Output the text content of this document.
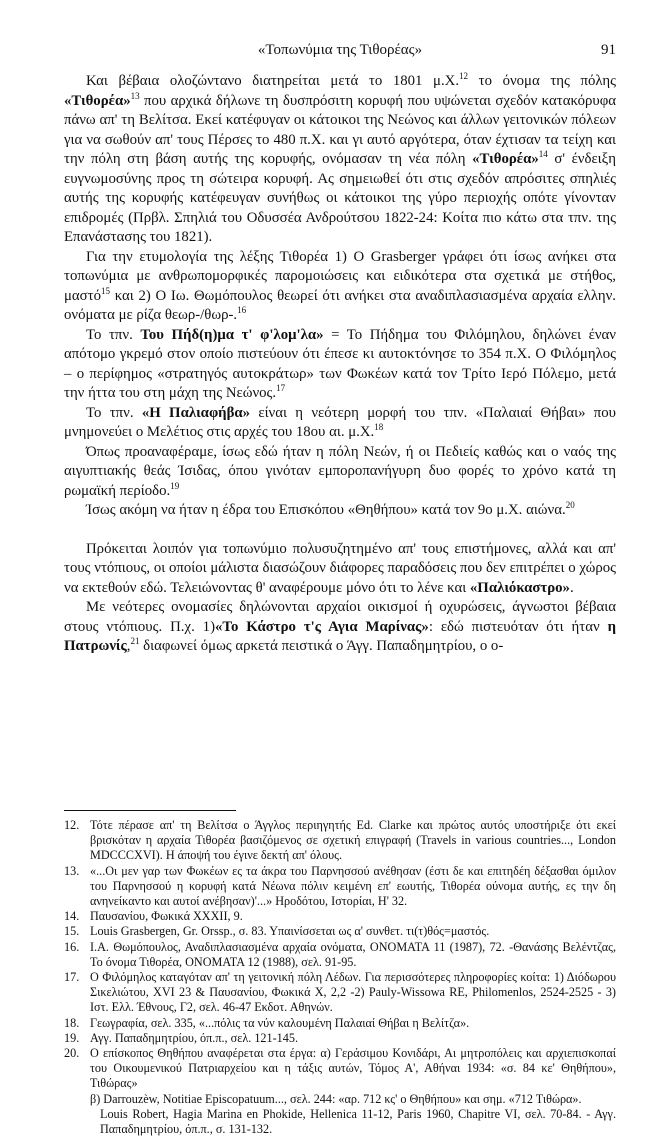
«Τοπωνύμια της Τιθορέας»	91

Και βέβαια ολοζώντανο διατηρείται μετά το 1801 μ.Χ.$^{12}$ το όνομα της πόλης «Τιθορέα»$^{13}$ που αρχικά δήλωνε τη δυσπρόσιτη κορυφή που υψώνεται σχεδόν κατακόρυφα πάνω απ' τη Βελίτσα. Εκεί κατέφυγαν οι κάτοικοι της Νεώνος και άλλων γειτονικών πόλεων για να σωθούν απ' τους Πέρσες το 480 π.Χ. και γι αυτό αργότερα, όταν έχτισαν τα τείχη και την πόλη στη βάση αυτής της κορυφής, ονόμασαν τη νέα πόλη «Τιθορέα»$^{14}$ σ' ένδειξη ευγνωμοσύνης προς τη σώτειρα κορυφή. Ας σημειωθεί ότι στις σχεδόν απρόσιτες σπηλιές αυτής της κορυφής κατέφευγαν συνήθως οι κάτοικοι της γύρο περιοχής οπότε γίνονταν επιδρομές (Πρβλ. Σπηλιά του Οδυσσέα Ανδρούτσου 1822-24: Κοίτα πιο κάτω στα τπν. της Επανάστασης του 1821).

Για την ετυμολογία της λέξης Τιθορέα 1) Ο Grasberger γράφει ότι ίσως ανήκει στα τοπωνύμια με ανθρωπομορφικές παρομοιώσεις και ειδικότερα στα σχετικά με στήθος, μαστό$^{15}$ και 2) Ο Ιω. Θωμόπουλος θεωρεί ότι ανήκει στα αναδιπλασιασμένα αρχαία ελλην. ονόματα με ρίζα θεωρ-/θωρ-.$^{16}$

Το τπν. Του Πήδ(η)μα τ' φ'λομ'λα» = Το Πήδημα του Φιλόμηλου, δηλώνει έναν απότομο γκρεμό στον οποίο πιστεύουν ότι έπεσε κι αυτοκτόνησε το 354 π.Χ. Ο Φιλόμηλος – ο περίφημος «στρατηγός αυτοκράτωρ» των Φωκέων κατά τον Τρίτο Ιερό Πόλεμο, μετά την ήττα του στη μάχη της Νεώνος.$^{17}$

Το τπν. «Η Παλιαφήβα» είναι η νεότερη μορφή του τπν. «Παλαιαί Θήβαι» που μνημονεύει ο Μελέτιος στις αρχές του 18ου αι. μ.Χ.$^{18}$

Όπως προαναφέραμε, ίσως εδώ ήταν η πόλη Νεών, ή οι Πεδιείς καθώς και ο ναός της αιγυπτιακής θεάς Ίσιδας, όπου γινόταν εμποροπανήγυρη δυο φορές το χρόνο κατά τη ρωμαϊκή περίοδο.$^{19}$

Ίσως ακόμη να ήταν η έδρα του Επισκόπου «Θηθήπου» κατά τον 9ο μ.Χ. αιώνα.$^{20}$

Πρόκειται λοιπόν για τοπωνύμιο πολυσυζητημένο απ' τους επιστήμονες, αλλά και απ' τους ντόπιους, οι οποίοι μάλιστα διασώζουν διάφορες παραδόσεις που δεν επιτρέπει ο χώρος να εκτεθούν εδώ. Τελειώνοντας θ' αναφέρουμε μόνο ότι το λένε και «Παλιόκαστρο».

Με νεότερες ονομασίες δηλώνονται αρχαίοι οικισμοί ή οχυρώσεις, άγνωστοι βέβαια στους ντόπιους. Π.χ. 1)«Το Κάστρο τ'ς Αγια Μαρίνας»: εδώ πιστευόταν ότι ήταν η Πατρωνίς,$^{21}$ διαφωνεί όμως αρκετά πειστικά ο Άγγ. Παπαδημητρίου, ο ο-

12. Τότε πέρασε απ' τη Βελίτσα ο Άγγλος περιηγητής Ed. Clarke και πρώτος αυτός υποστήριξε ότι εκεί βρισκόταν η αρχαία Τιθορέα βασιζόμενος σε σχετική επιγραφή (Travels in various countries..., London MDCCCXVI). Η άποψή του έγινε δεκτή απ' όλους.
13. «...Οι μεν γαρ των Φωκέων ες τα άκρα του Παρνησσού ανέθησαν (έστι δε και επιτηδέη δέξασθαι όμιλον του Παρνησσού η κορυφή κατά Νέωνα πόλιν κειμένη επ' εωυτής, Τιθορέα ούνομα αυτής, ες την δη ανηνείκαντο και αυτοί ανέβησαν)'...» Ηροδότου, Ιστορίαι, Η' 32.
14. Παυσανίου, Φωκικά XXXII, 9.
15. Louis Grasbergen, Gr. Orssp., σ. 83. Υπαινίσσεται ως α' συνθετ. τι(τ)θός=μαστός.
16. Ι.Α. Θωμόπουλος, Αναδιπλασιασμένα αρχαία ονόματα, ΟΝΟΜΑΤΑ 11 (1987), 72. -Θανάσης Βελέντζας, Το όνομα Τιθορέα, ΟΝΟΜΑΤΑ 12 (1988), σελ. 91-95.
17. Ο Φιλόμηλος καταγόταν απ' τη γειτονική πόλη Λέδων. Για περισσότερες πληροφορίες κοίτα: 1) Διόδωρου Σικελιώτου, XVI 23 & Παυσανίου, Φωκικά Χ, 2,2 -2) Pauly-Wissowa RE, Philomenlos, 2524-2525 - 3) Ιστ. Ελλ. Έθνους, Γ2, σελ. 46-47 Εκδοτ. Αθηνών.
18. Γεωγραφία, σελ. 335, «...πόλις τα νύν καλουμένη Παλαιαί Θήβαι η Βελίτζα».
19. Αγγ. Παπαδημητρίου, όπ.π., σελ. 121-145.
20. Ο επίσκοπος Θηθήπου αναφέρεται στα έργα: α) Γεράσιμου Κονιδάρι, Αι μητροπόλεις και αρχιεπισκοπαί του Οικουμενικού Πατριαρχείου και η τάξις αυτών, Τόμος Α', Αθήναι 1934: «σ. 84 κε' Θηθήπου», Τιθώρας»
β) Darrouzèw, Notitiae Episcopatuum..., σελ. 244: «αρ. 712 κς' ο Θηθήπου» και σημ. «712 Τιθώρα».
Louis Robert, Hagia Marina en Phokide, Hellenica 11-12, Paris 1960, Chapitre VI, σελ. 70-84. - Αγγ. Παπαδημητρίου, όπ.π., σ. 131-132.
